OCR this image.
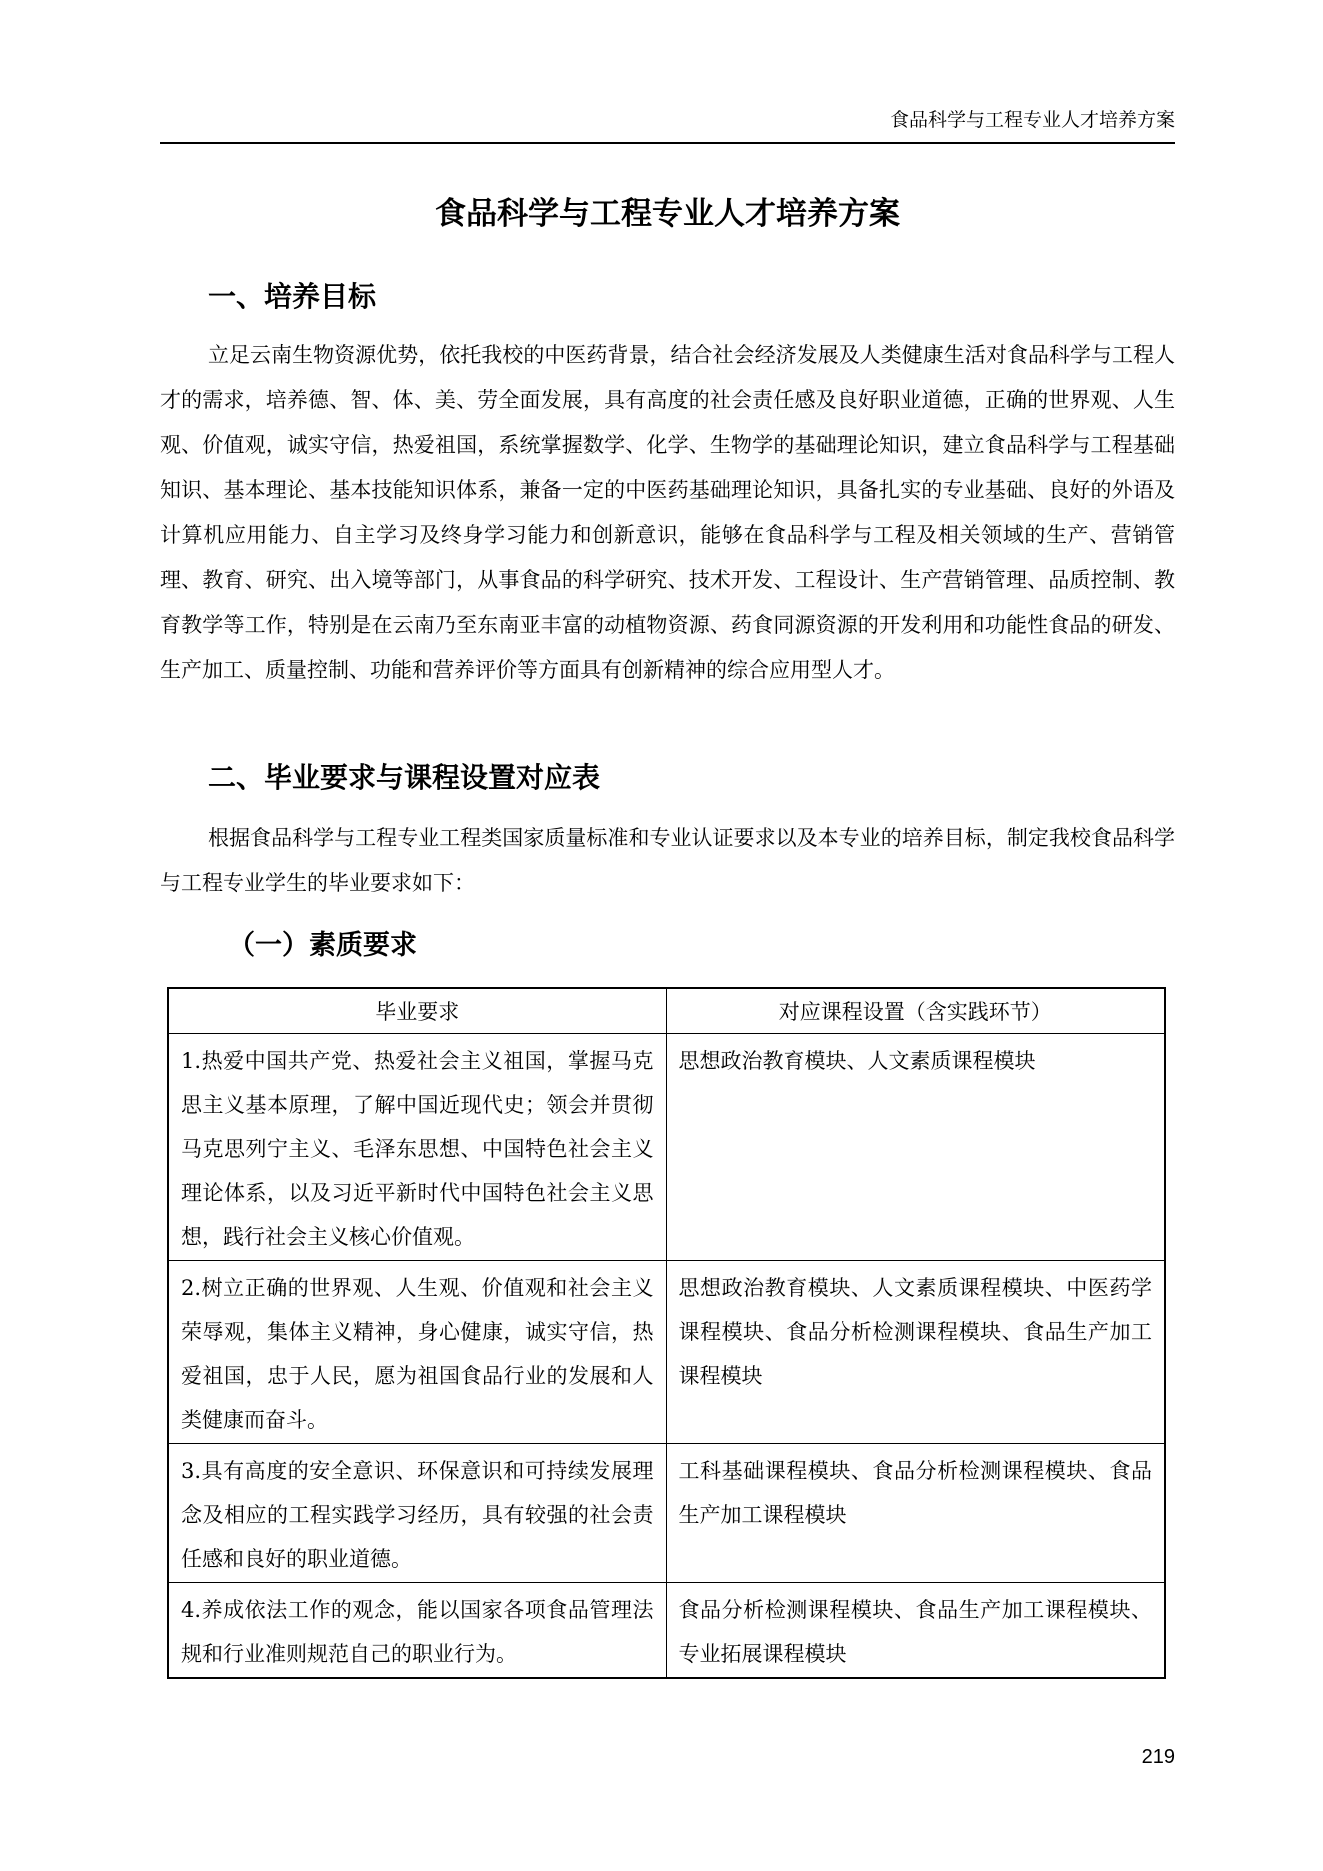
食品科学与工程专业人才培养方案
食品科学与工程专业人才培养方案
一、培养目标

立足云南生物资源优势，依托我校的中医药背景，结合社会经济发展及人类健康生活对食品科学与工程人才的需求，培养德、智、体、美、劳全面发展，具有高度的社会责任感及良好职业道德，正确的世界观、人生观、价值观，诚实守信，热爱祖国，系统掌握数学、化学、生物学的基础理论知识，建立食品科学与工程基础知识、基本理论、基本技能知识体系，兼备一定的中医药基础理论知识，具备扎实的专业基础、良好的外语及计算机应用能力、自主学习及终身学习能力和创新意识，能够在食品科学与工程及相关领域的生产、营销管理、教育、研究、出入境等部门，从事食品的科学研究、技术开发、工程设计、生产营销管理、品质控制、教育教学等工作，特别是在云南乃至东南亚丰富的动植物资源、药食同源资源的开发利用和功能性食品的研发、生产加工、质量控制、功能和营养评价等方面具有创新精神的综合应用型人才。

二、毕业要求与课程设置对应表

根据食品科学与工程专业工程类国家质量标准和专业认证要求以及本专业的培养目标，制定我校食品科学与工程专业学生的毕业要求如下：

（一）素质要求
毕业要求	对应课程设置（含实践环节）
1.热爱中国共产党、热爱社会主义祖国，掌握马克思主义基本原理，了解中国近现代史；领会并贯彻马克思列宁主义、毛泽东思想、中国特色社会主义理论体系，以及习近平新时代中国特色社会主义思想，践行社会主义核心价值观。	思想政治教育模块、人文素质课程模块
2.树立正确的世界观、人生观、价值观和社会主义荣辱观，集体主义精神，身心健康，诚实守信，热爱祖国，忠于人民，愿为祖国食品行业的发展和人类健康而奋斗。	思想政治教育模块、人文素质课程模块、中医药学课程模块、食品分析检测课程模块、食品生产加工课程模块
3.具有高度的安全意识、环保意识和可持续发展理念及相应的工程实践学习经历，具有较强的社会责任感和良好的职业道德。	工科基础课程模块、食品分析检测课程模块、食品生产加工课程模块
4.养成依法工作的观念，能以国家各项食品管理法规和行业准则规范自己的职业行为。	食品分析检测课程模块、食品生产加工课程模块、专业拓展课程模块
219
